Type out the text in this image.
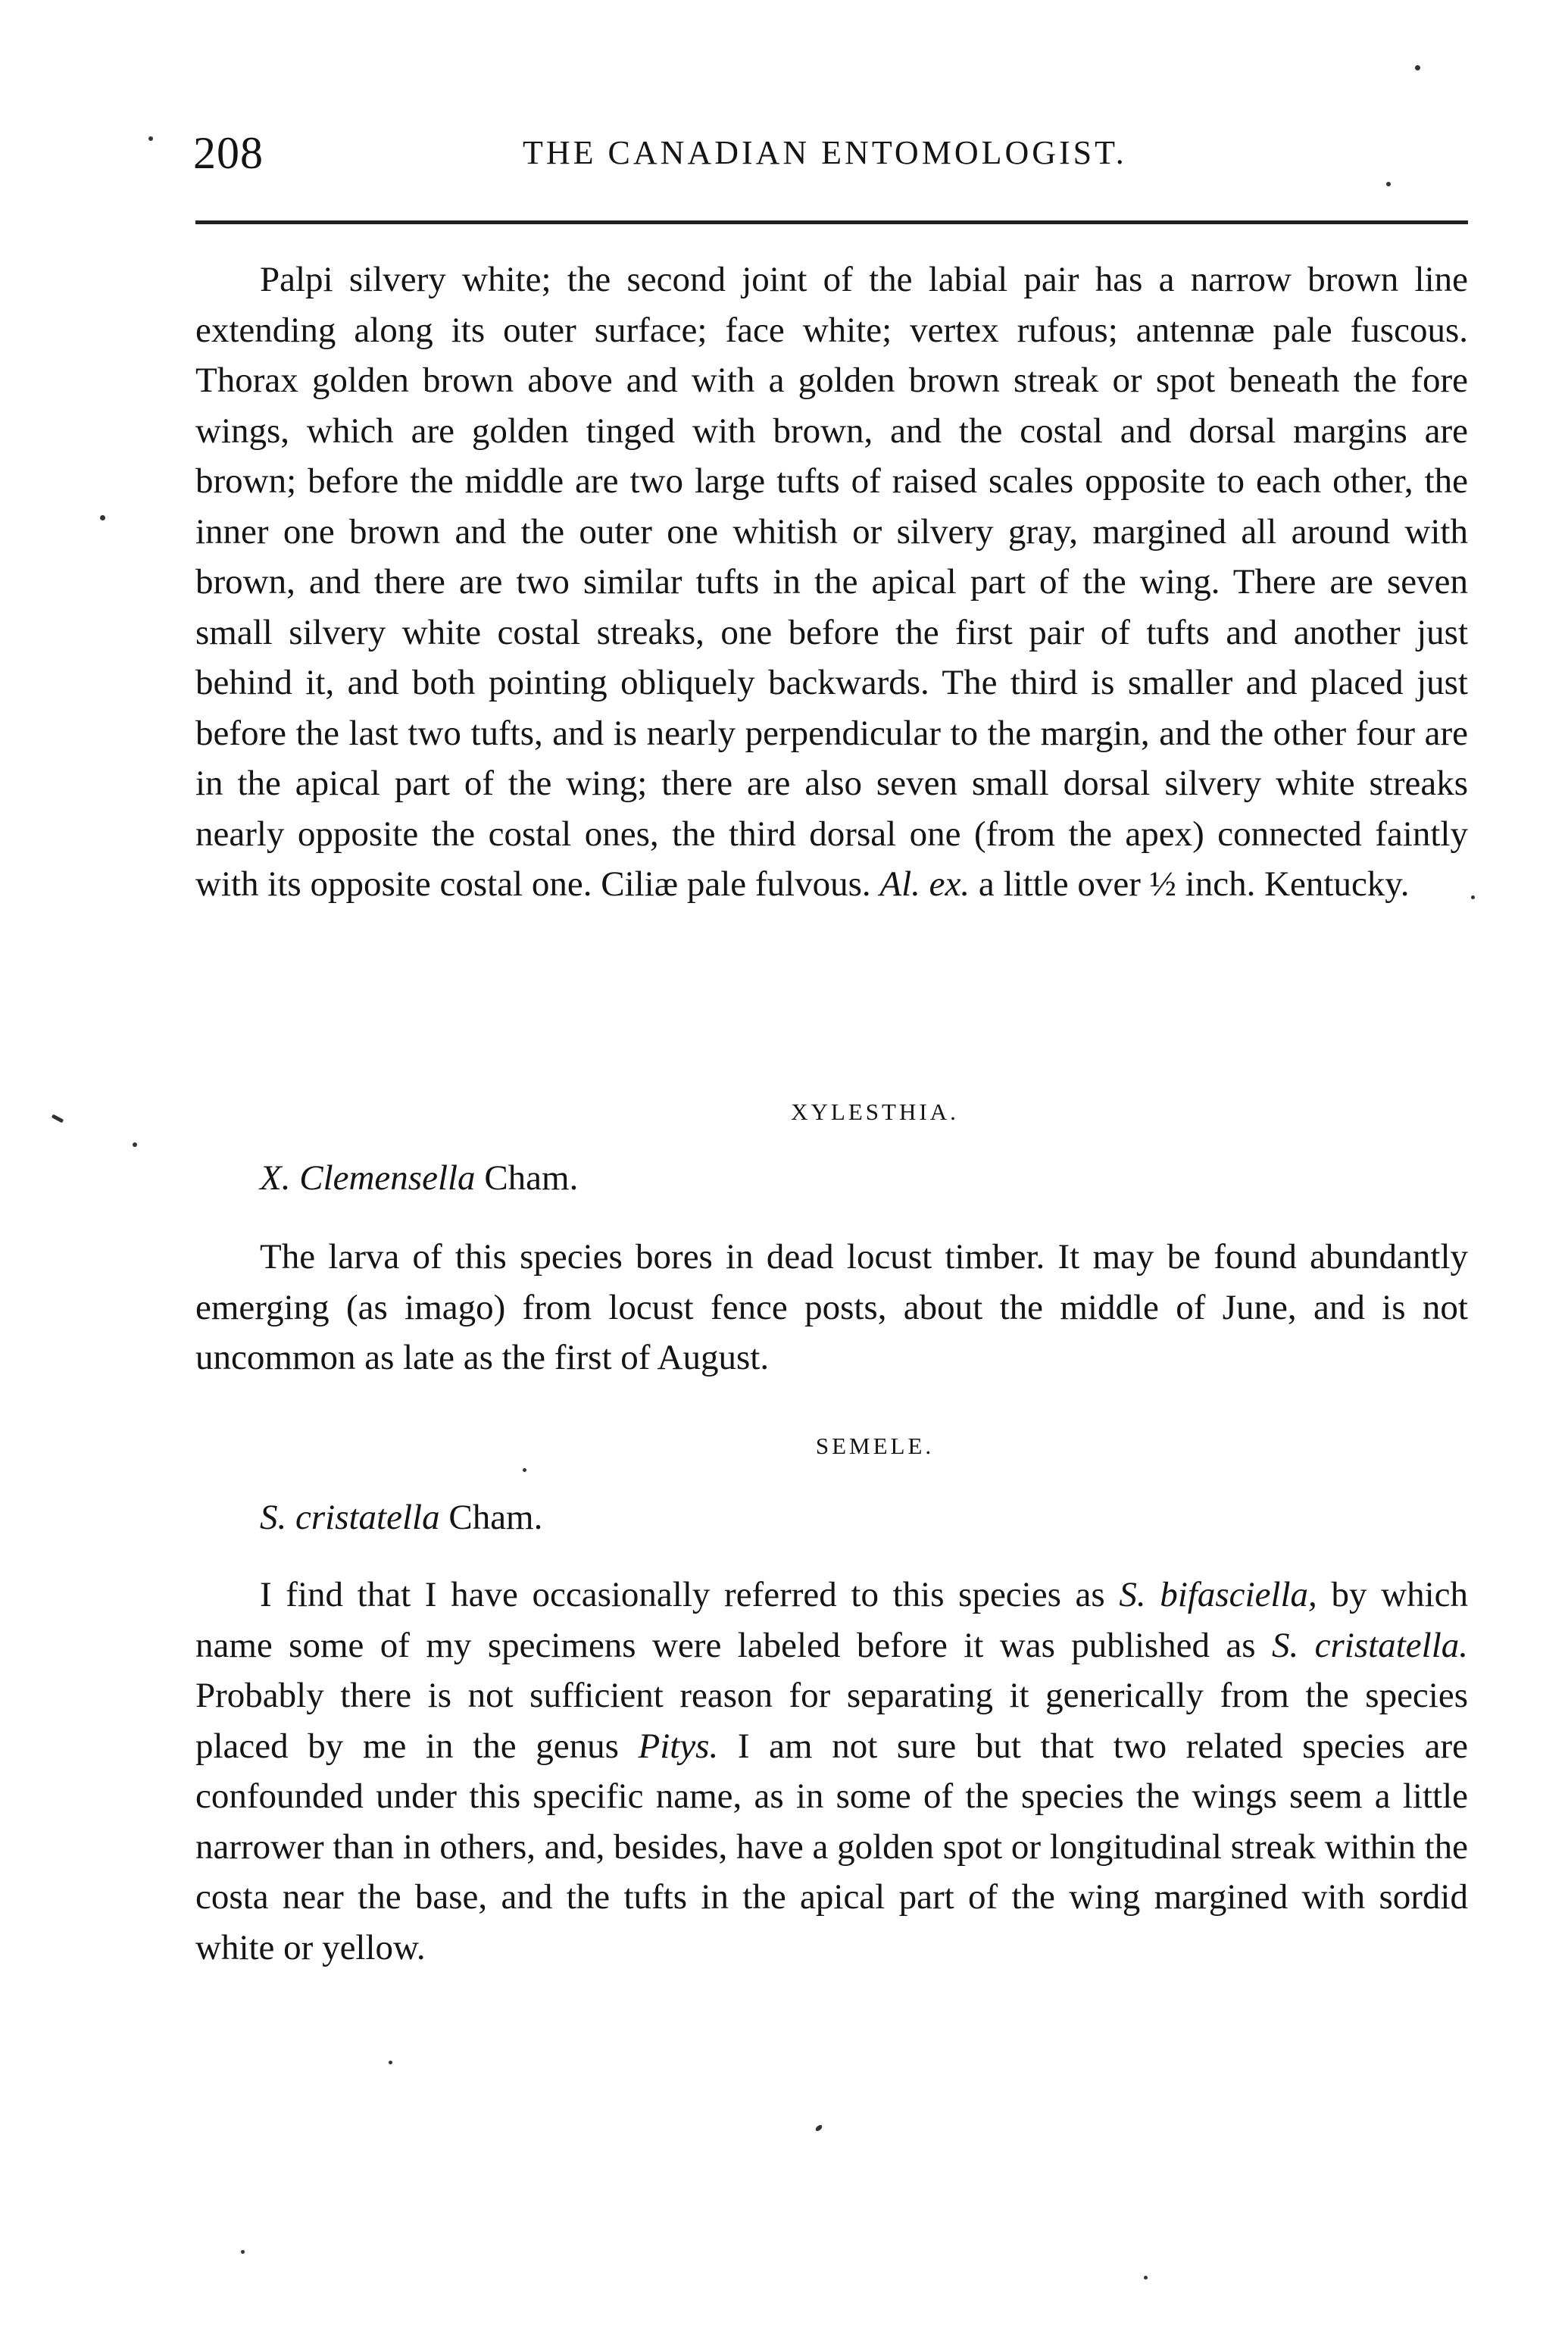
208	THE CANADIAN ENTOMOLOGIST.
Palpi silvery white; the second joint of the labial pair has a narrow brown line extending along its outer surface; face white; vertex rufous; antennæ pale fuscous. Thorax golden brown above and with a golden brown streak or spot beneath the fore wings, which are golden tinged with brown, and the costal and dorsal margins are brown; before the middle are two large tufts of raised scales opposite to each other, the inner one brown and the outer one whitish or silvery gray, margined all around with brown, and there are two similar tufts in the apical part of the wing. There are seven small silvery white costal streaks, one before the first pair of tufts and another just behind it, and both pointing obliquely backwards. The third is smaller and placed just before the last two tufts, and is nearly perpendicular to the margin, and the other four are in the apical part of the wing; there are also seven small dorsal silvery white streaks nearly opposite the costal ones, the third dorsal one (from the apex) connected faintly with its opposite costal one. Ciliæ pale fulvous. Al. ex. a little over ½ inch. Kentucky.
XYLESTHIA.
X. Clemensella Cham.
The larva of this species bores in dead locust timber. It may be found abundantly emerging (as imago) from locust fence posts, about the middle of June, and is not uncommon as late as the first of August.
SEMELE.
S. cristatella Cham.
I find that I have occasionally referred to this species as S. bifasciella, by which name some of my specimens were labeled before it was published as S. cristatella. Probably there is not sufficient reason for separating it generically from the species placed by me in the genus Pitys. I am not sure but that two related species are confounded under this specific name, as in some of the species the wings seem a little narrower than in others, and, besides, have a golden spot or longitudinal streak within the costa near the base, and the tufts in the apical part of the wing margined with sordid white or yellow.
